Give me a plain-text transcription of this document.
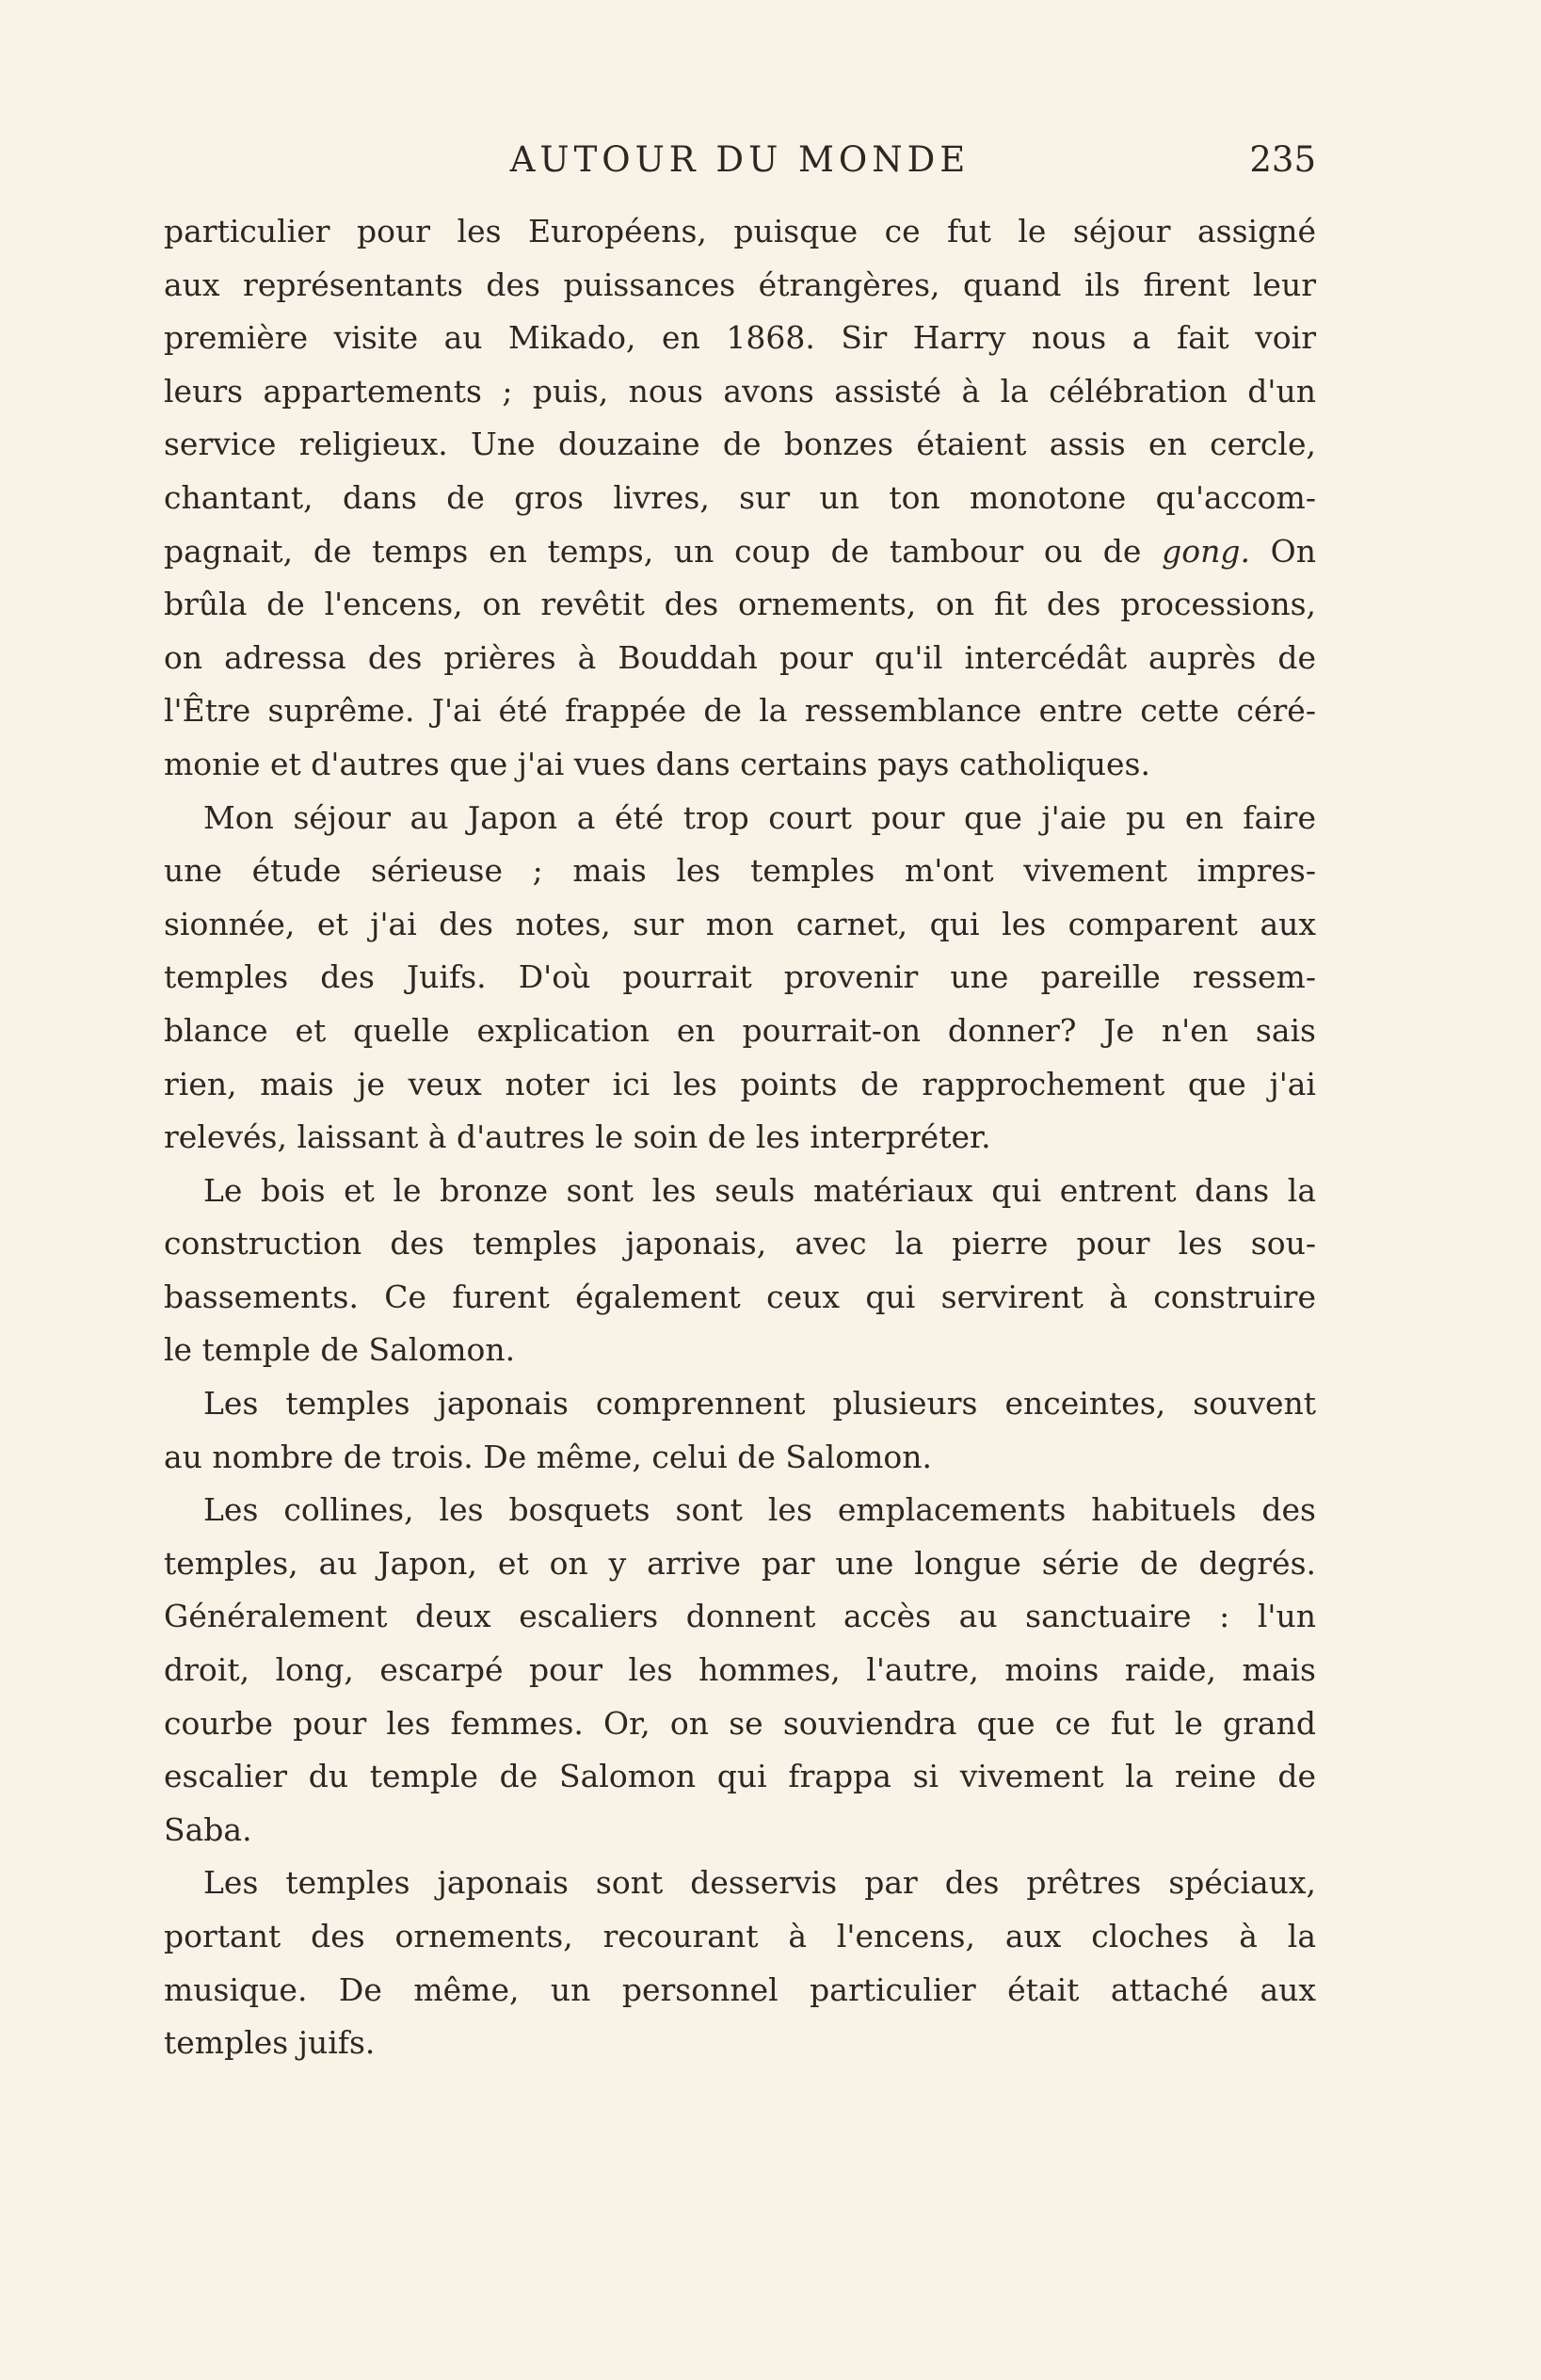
AUTOUR DU MONDE	235
particulier pour les Européens, puisque ce fut le séjour assigné
aux représentants des puissances étrangères, quand ils firent leur
première visite au Mikado, en 1868. Sir Harry nous a fait voir
leurs appartements ; puis, nous avons assisté à la célébration d'un
service religieux. Une douzaine de bonzes étaient assis en cercle,
chantant, dans de gros livres, sur un ton monotone qu'accom-
pagnait, de temps en temps, un coup de tambour ou de gong. On
brûla de l'encens, on revêtit des ornements, on fit des processions,
on adressa des prières à Bouddah pour qu'il intercédât auprès de
l'Être suprême. J'ai été frappée de la ressemblance entre cette céré-
monie et d'autres que j'ai vues dans certains pays catholiques.
Mon séjour au Japon a été trop court pour que j'aie pu en faire
une étude sérieuse ; mais les temples m'ont vivement impres-
sionnée, et j'ai des notes, sur mon carnet, qui les comparent aux
temples des Juifs. D'où pourrait provenir une pareille ressem-
blance et quelle explication en pourrait-on donner? Je n'en sais
rien, mais je veux noter ici les points de rapprochement que j'ai
relevés, laissant à d'autres le soin de les interpréter.
Le bois et le bronze sont les seuls matériaux qui entrent dans la
construction des temples japonais, avec la pierre pour les sou-
bassements. Ce furent également ceux qui servirent à construire
le temple de Salomon.
Les temples japonais comprennent plusieurs enceintes, souvent
au nombre de trois. De même, celui de Salomon.
Les collines, les bosquets sont les emplacements habituels des
temples, au Japon, et on y arrive par une longue série de degrés.
Généralement deux escaliers donnent accès au sanctuaire : l'un
droit, long, escarpé pour les hommes, l'autre, moins raide, mais
courbe pour les femmes. Or, on se souviendra que ce fut le grand
escalier du temple de Salomon qui frappa si vivement la reine de
Saba.
Les temples japonais sont desservis par des prêtres spéciaux,
portant des ornements, recourant à l'encens, aux cloches à la
musique. De même, un personnel particulier était attaché aux
temples juifs.
